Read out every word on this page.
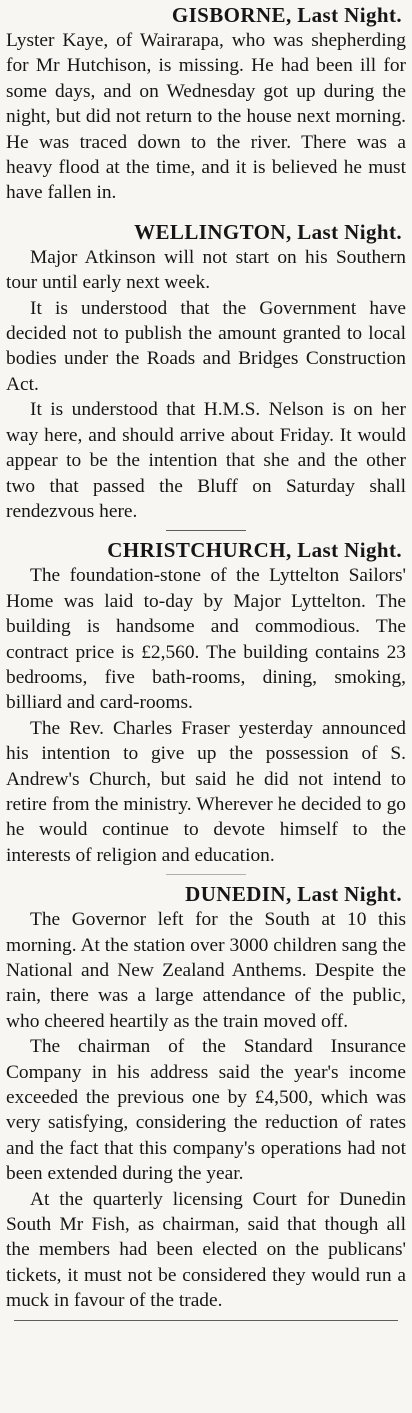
GISBORNE, Last Night.

Lyster Kaye, of Wairarapa, who was shepherding for Mr Hutchison, is missing. He had been ill for some days, and on Wednesday got up during the night, but did not return to the house next morning. He was traced down to the river. There was a heavy flood at the time, and it is believed he must have fallen in.

WELLINGTON, Last Night.

Major Atkinson will not start on his Southern tour until early next week.

It is understood that the Government have decided not to publish the amount granted to local bodies under the Roads and Bridges Construction Act.

It is understood that H.M.S. Nelson is on her way here, and should arrive about Friday. It would appear to be the intention that she and the other two that passed the Bluff on Saturday shall rendezvous here.

CHRISTCHURCH, Last Night.

The foundation-stone of the Lyttelton Sailors' Home was laid to-day by Major Lyttelton. The building is handsome and commodious. The contract price is £2,560. The building contains 23 bedrooms, five bath-rooms, dining, smoking, billiard and card-rooms.

The Rev. Charles Fraser yesterday announced his intention to give up the possession of S. Andrew's Church, but said he did not intend to retire from the ministry. Wherever he decided to go he would continue to devote himself to the interests of religion and education.

DUNEDIN, Last Night.

The Governor left for the South at 10 this morning. At the station over 3000 children sang the National and New Zealand Anthems. Despite the rain, there was a large attendance of the public, who cheered heartily as the train moved off.

The chairman of the Standard Insurance Company in his address said the year's income exceeded the previous one by £4,500, which was very satisfying, considering the reduction of rates and the fact that this company's operations had not been extended during the year.

At the quarterly licensing Court for Dunedin South Mr Fish, as chairman, said that though all the members had been elected on the publicans' tickets, it must not be considered they would run a muck in favour of the trade.
